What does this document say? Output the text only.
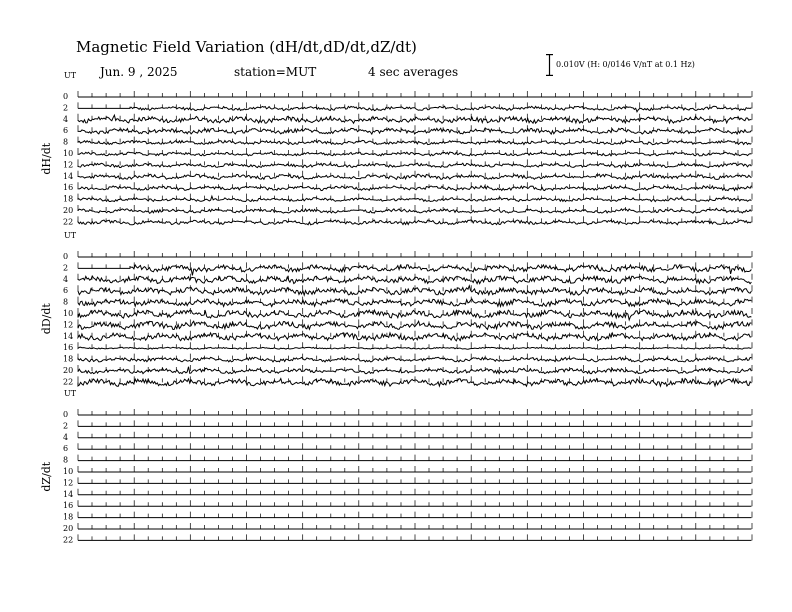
Magnetic Field Variation (dH/dt,dD/dt,dZ/dt)
Jun. 9 , 2025	station=MUT	4 sec averages
0.010V (H: 0/0146 V/nT at 0.1 Hz)
UT
dH/dt
0
2
4
6
8
10
12
14
16
18
20
22
UT
dD/dt
0
2
4
6
8
10
12
14
16
18
20
22
UT
dZ/dt
0
2
4
6
8
10
12
14
16
18
20
22
